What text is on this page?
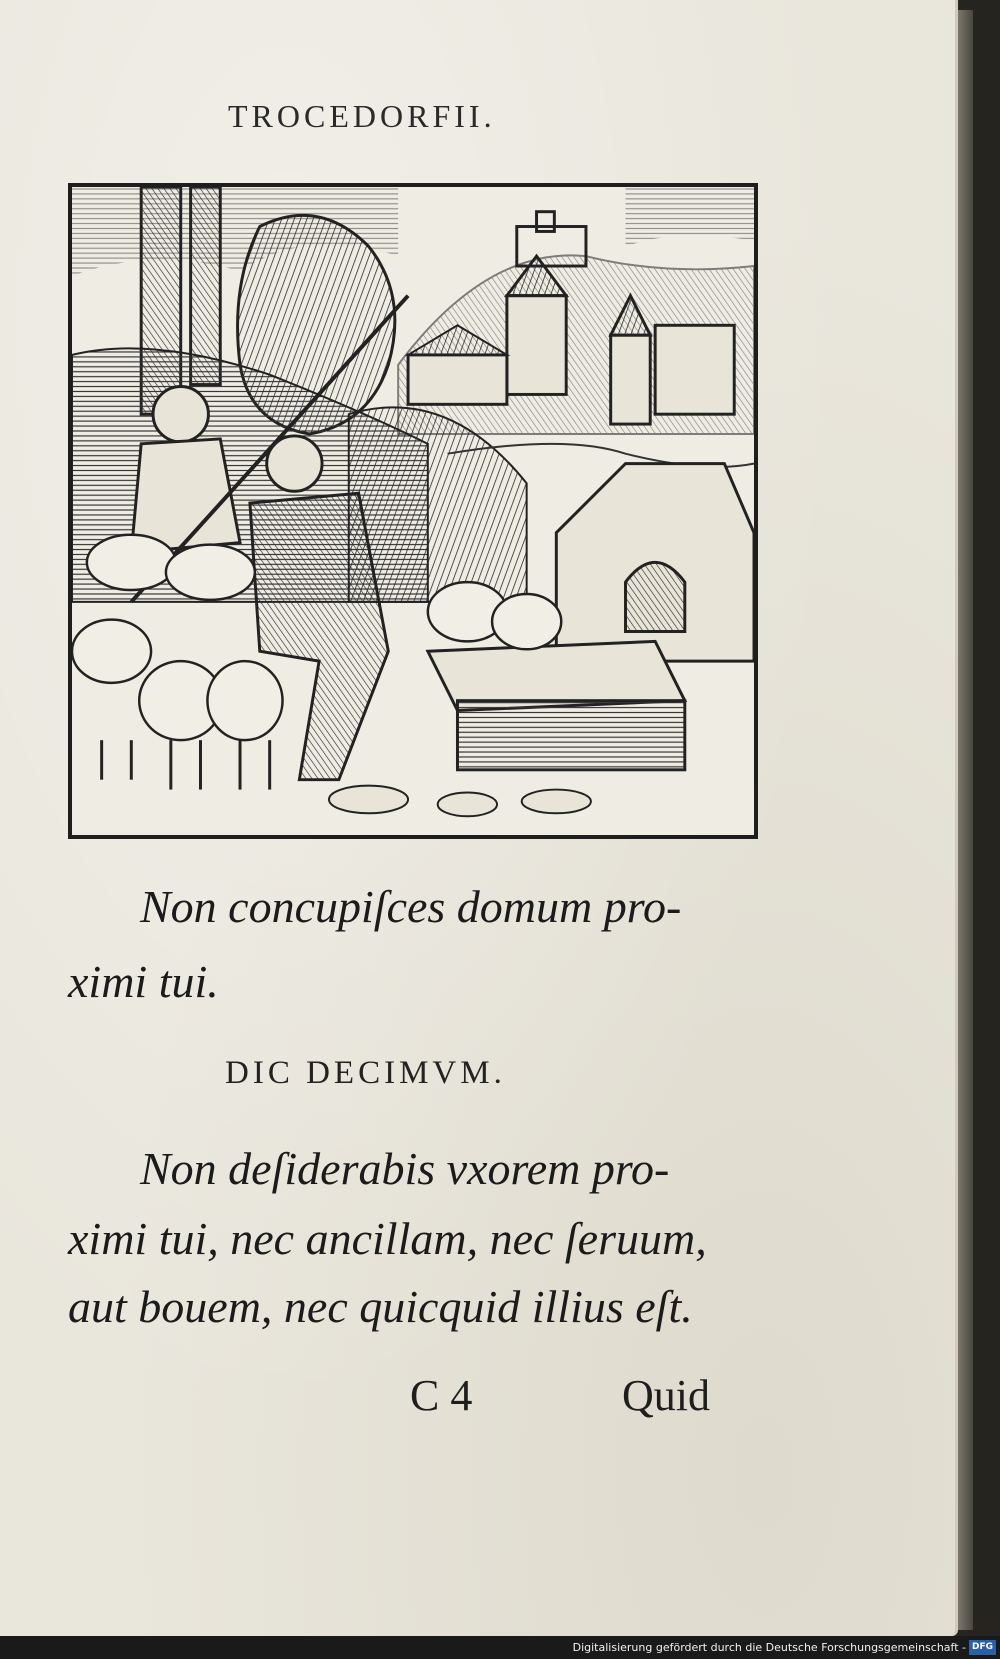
TROCEDORFII.
Non concupiſces domum pro-
ximi tui.
DIC DECIMVM.
Non deſiderabis vxorem pro-
ximi tui, nec ancillam, nec ſeruum,
aut bouem, nec quicquid illius eſt.
C 4	Quid
Digitalisierung gefördert durch die Deutsche Forschungsgemeinschaft - DFG
